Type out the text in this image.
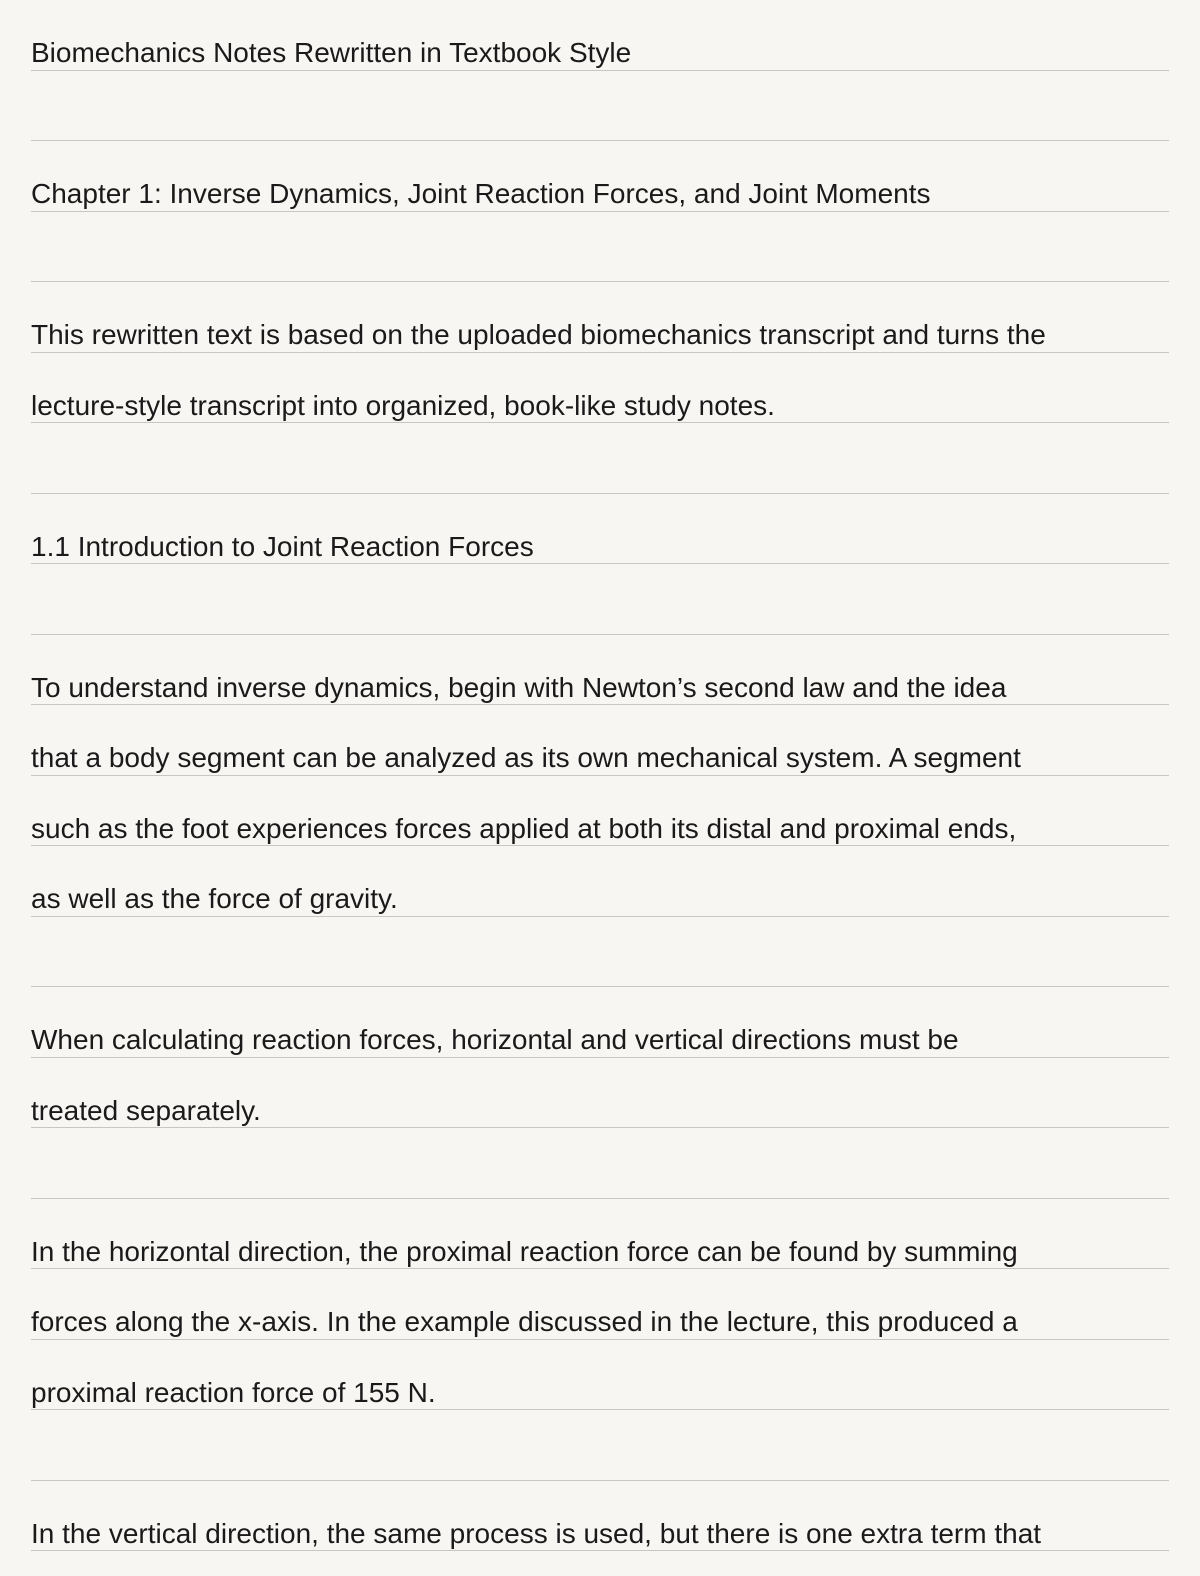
Biomechanics Notes Rewritten in Textbook Style
Chapter 1: Inverse Dynamics, Joint Reaction Forces, and Joint Moments
This rewritten text is based on the uploaded biomechanics transcript and turns the
lecture-style transcript into organized, book-like study notes.
1.1 Introduction to Joint Reaction Forces
To understand inverse dynamics, begin with Newton’s second law and the idea
that a body segment can be analyzed as its own mechanical system. A segment
such as the foot experiences forces applied at both its distal and proximal ends,
as well as the force of gravity.
When calculating reaction forces, horizontal and vertical directions must be
treated separately.
In the horizontal direction, the proximal reaction force can be found by summing
forces along the x-axis. In the example discussed in the lecture, this produced a
proximal reaction force of 155 N.
In the vertical direction, the same process is used, but there is one extra term that
